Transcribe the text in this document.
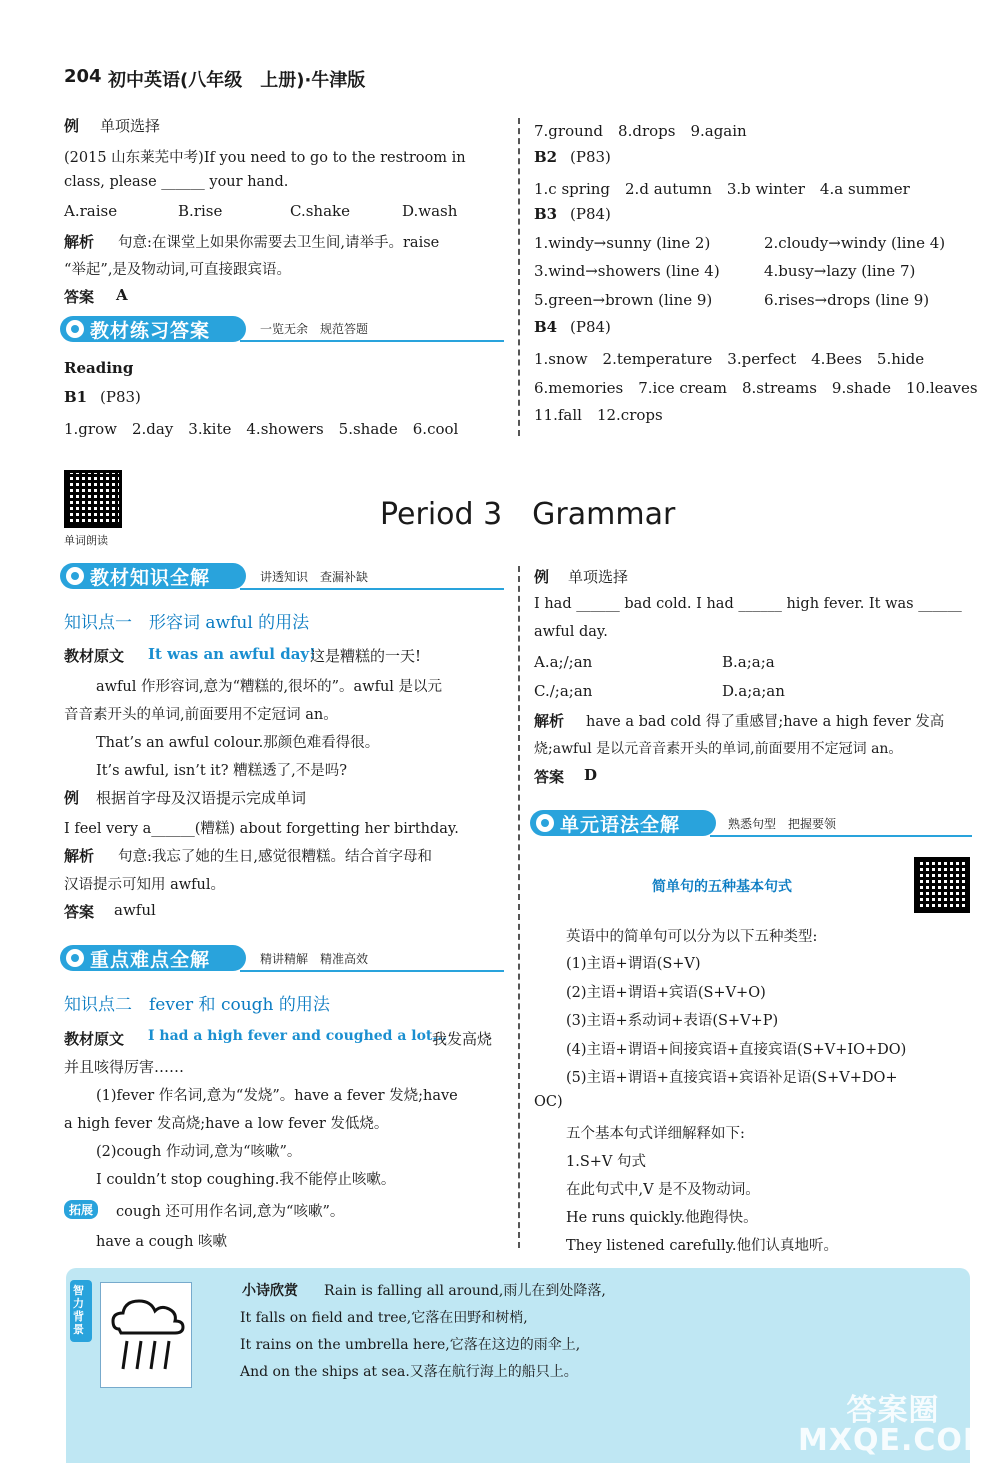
204 初中英语(八年级　上册)·牛津版
例 单项选择
(2015 山东莱芜中考)If you need to go to the restroom in
class, please ______ your hand.
A.raise	B.rise	C.shake	D.wash
解析 句意:在课堂上如果你需要去卫生间,请举手。raise
“举起”,是及物动词,可直接跟宾语。
答案 A
教材练习答案	一览无余　规范答题
Reading
B1 (P83)
1.grow　2.day　3.kite　4.showers　5.shade　6.cool
7.ground　8.drops　9.again
B2 (P83)
1.c spring　2.d autumn　3.b winter　4.a summer
B3 (P84)
1.windy→sunny (line 2)	2.cloudy→windy (line 4)
3.wind→showers (line 4)	4.busy→lazy (line 7)
5.green→brown (line 9)	6.rises→drops (line 9)
B4 (P84)
1.snow　2.temperature　3.perfect　4.Bees　5.hide
6.memories　7.ice cream　8.streams　9.shade　10.leaves
11.fall　12.crops
单词朗读
Period 3　Grammar
教材知识全解	讲透知识　查漏补缺
知识点一　形容词 awful 的用法
教材原文 It was an awful day!
这是糟糕的一天!
awful 作形容词,意为“糟糕的,很坏的”。awful 是以元
音音素开头的单词,前面要用不定冠词 an。
That’s an awful colour.那颜色难看得很。
It’s awful, isn’t it? 糟糕透了,不是吗?
例 根据首字母及汉语提示完成单词
I feel very a______(糟糕) about forgetting her birthday.
解析 句意:我忘了她的生日,感觉很糟糕。结合首字母和
汉语提示可知用 awful。
答案 awful
重点难点全解	精讲精解　精准高效
知识点二　fever 和 cough 的用法
教材原文 I had a high fever and coughed a lot...
我发高烧
并且咳得厉害……
(1)fever 作名词,意为“发烧”。have a fever 发烧;have
a high fever 发高烧;have a low fever 发低烧。
(2)cough 作动词,意为“咳嗽”。
I couldn’t stop coughing.我不能停止咳嗽。
拓展	cough 还可用作名词,意为“咳嗽”。
have a cough 咳嗽
例 单项选择
I had ______ bad cold. I had ______ high fever. It was ______
awful day.
A.a;/;an	B.a;a;a
C./;a;an	D.a;a;an
解析 have a bad cold 得了重感冒;have a high fever 发高
烧;awful 是以元音音素开头的单词,前面要用不定冠词 an。
答案 D
单元语法全解	熟悉句型　把握要领
简单句的五种基本句式
英语中的简单句可以分为以下五种类型:
(1)主语+谓语(S+V)
(2)主语+谓语+宾语(S+V+O)
(3)主语+系动词+表语(S+V+P)
(4)主语+谓语+间接宾语+直接宾语(S+V+IO+DO)
(5)主语+谓语+直接宾语+宾语补足语(S+V+DO+
OC)
五个基本句式详细解释如下:
1.S+V 句式
在此句式中,V 是不及物动词。
He runs quickly.他跑得快。
They listened carefully.他们认真地听。
智力背景
小诗欣赏 Rain is falling all around,雨儿在到处降落,
It falls on field and tree,它落在田野和树梢,
It rains on the umbrella here,它落在这边的雨伞上,
And on the ships at sea.又落在航行海上的船只上。
答案圈 MXQE.COM
